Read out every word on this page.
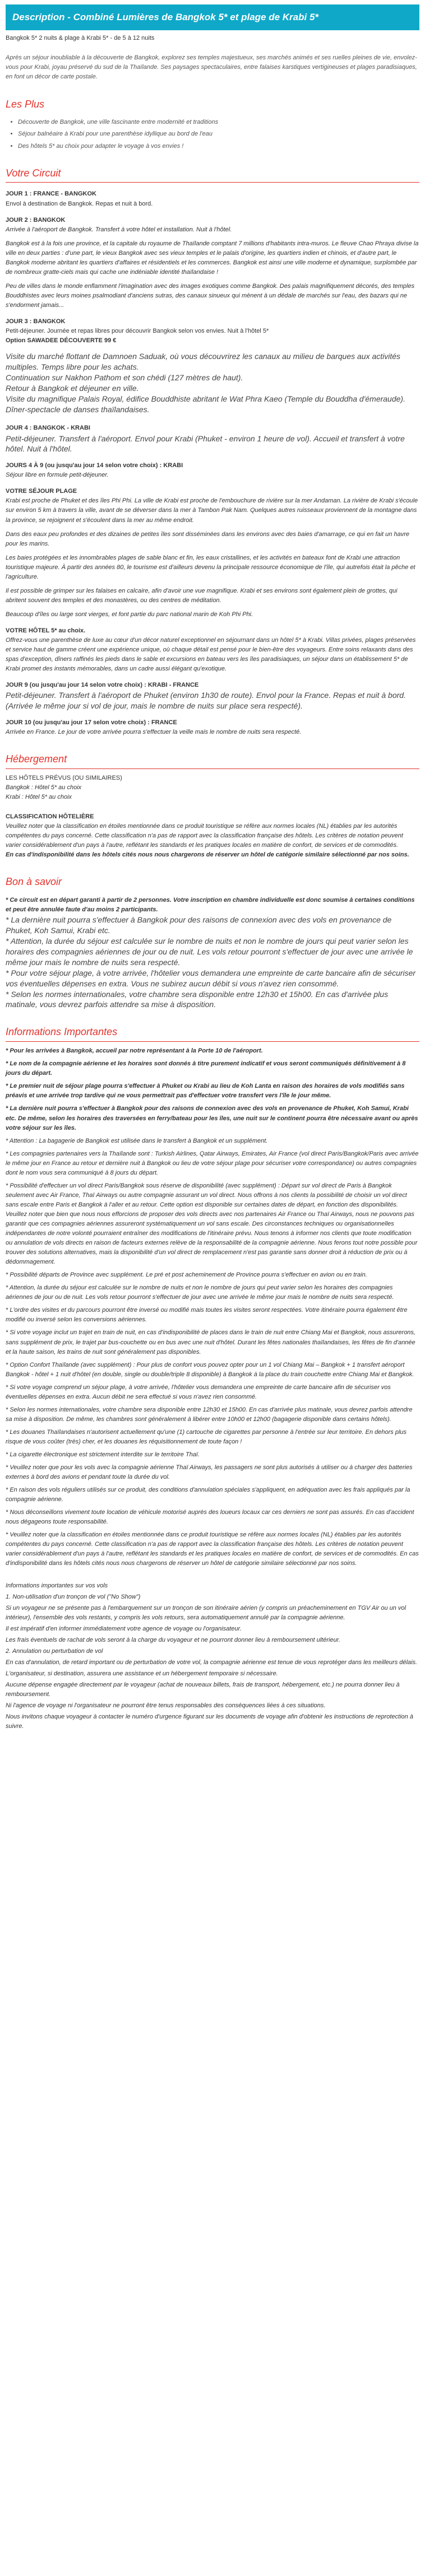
Description - Combiné Lumières de Bangkok 5* et plage de Krabi 5*

Bangkok 5* 2 nuits & plage à Krabi 5* - de 5 à 12 nuits

Après un séjour inoubliable à la découverte de Bangkok, explorez ses temples majestueux, ses marchés animés et ses ruelles pleines de vie, envolez-vous pour Krabi, joyau préservé du sud de la Thaïlande. Ses paysages spectaculaires, entre falaises karstiques vertigineuses et plages paradisiaques, en font un décor de carte postale.

Les Plus
• Découverte de Bangkok, une ville fascinante entre modernité et traditions
• Séjour balnéaire à Krabi pour une parenthèse idyllique au bord de l'eau
• Des hôtels 5* au choix pour adapter le voyage à vos envies !
Votre Circuit

JOUR 1 : FRANCE - BANGKOK

Envol à destination de Bangkok. Repas et nuit à bord.

JOUR 2 : BANGKOK

Arrivée à l'aéroport de Bangkok. Transfert à votre hôtel et installation. Nuit à l'hôtel.

Bangkok est à la fois une province, et la capitale du royaume de Thaïlande comptant 7 millions d'habitants intra-muros. Le fleuve Chao Phraya divise la ville en deux parties : d'une part, le vieux Bangkok avec ses vieux temples et le palais d'origine, les quartiers indien et chinois, et d'autre part, le Bangkok moderne abritant les quartiers d'affaires et résidentiels et les commerces. Bangkok est ainsi une ville moderne et dynamique, surplombée par de nombreux gratte-ciels mais qui cache une indéniable identité thaïlandaise !

Peu de villes dans le monde enflamment l'imagination avec des images exotiques comme Bangkok. Des palais magnifiquement décorés, des temples Bouddhistes avec leurs moines psalmodiant d'anciens sutras, des canaux sinueux qui mènent à un dédale de marchés sur l'eau, des bazars qui ne s'endorment jamais...

JOUR 3 : BANGKOK

Petit-déjeuner. Journée et repas libres pour découvrir Bangkok selon vos envies. Nuit à l'hôtel 5*

Option SAWADEE DÉCOUVERTE 99 €

Visite du marché flottant de Damnoen Saduak, où vous découvrirez les canaux au milieu de barques aux activités multiples. Temps libre pour les achats.
Continuation sur Nakhon Pathom et son chédi (127 mètres de haut).
Retour à Bangkok et déjeuner en ville.
Visite du magnifique Palais Royal, édifice Bouddhiste abritant le Wat Phra Kaeo (Temple du Bouddha d'émeraude).
Dîner-spectacle de danses thaïlandaises.

JOUR 4 : BANGKOK - KRABI

Petit-déjeuner. Transfert à l'aéroport. Envol pour Krabi (Phuket - environ 1 heure de vol). Accueil et transfert à votre hôtel. Nuit à l'hôtel.

JOURS 4 À 9 (ou jusqu'au jour 14 selon votre choix) : KRABI

Séjour libre en formule petit-déjeuner.

VOTRE SÉJOUR PLAGE

Krabi est proche de Phuket et des îles Phi Phi. La ville de Krabi est proche de l'embouchure de rivière sur la mer Andaman. La rivière de Krabi s'écoule sur environ 5 km à travers la ville, avant de se déverser dans la mer à Tambon Pak Nam. Quelques autres ruisseaux proviennent de la montagne dans la province, se rejoignent et s'écoulent dans la mer au même endroit.

Dans des eaux peu profondes et des dizaines de petites îles sont disséminées dans les environs avec des baies d'amarrage, ce qui en fait un havre pour les marins.

Les baies protégées et les innombrables plages de sable blanc et fin, les eaux cristallines, et les activités en bateaux font de Krabi une attraction touristique majeure. À partir des années 80, le tourisme est d'ailleurs devenu la principale ressource économique de l'île, qui autrefois était la pêche et l'agriculture.

Il est possible de grimper sur les falaises en calcaire, afin d'avoir une vue magnifique. Krabi et ses environs sont également plein de grottes, qui abritent souvent des temples et des monastères, ou des centres de méditation.

Beaucoup d'îles ou large sont vierges, et font partie du parc national marin de Koh Phi Phi.

VOTRE HÔTEL 5* au choix.

Offrez-vous une parenthèse de luxe au cœur d'un décor naturel exceptionnel en séjournant dans un hôtel 5* à Krabi. Villas privées, plages préservées et service haut de gamme créent une expérience unique, où chaque détail est pensé pour le bien-être des voyageurs. Entre soins relaxants dans des spas d'exception, dîners raffinés les pieds dans le sable et excursions en bateau vers les îles paradisiaques, un séjour dans un établissement 5* de Krabi promet des instants mémorables, dans un cadre aussi élégant qu'exotique.

JOUR 9 (ou jusqu'au jour 14 selon votre choix) : KRABI - FRANCE

Petit-déjeuner. Transfert à l'aéroport de Phuket (environ 1h30 de route). Envol pour la France. Repas et nuit à bord. (Arrivée le même jour si vol de jour, mais le nombre de nuits sur place sera respecté).

JOUR 10 (ou jusqu'au jour 17 selon votre choix) : FRANCE

Arrivée en France. Le jour de votre arrivée pourra s'effectuer la veille mais le nombre de nuits sera respecté.

Hébergement

LES HÔTELS PRÉVUS (OU SIMILAIRES)

Bangkok : Hôtel 5* au choix

Krabi : Hôtel 5* au choix

CLASSIFICATION HÔTELIÈRE

Veuillez noter que la classification en étoiles mentionnée dans ce produit touristique se réfère aux normes locales (NL) établies par les autorités compétentes du pays concerné. Cette classification n'a pas de rapport avec la classification française des hôtels. Les critères de notation peuvent varier considérablement d'un pays à l'autre, reflétant les standards et les pratiques locales en matière de confort, de services et de commodités.

En cas d'indisponibilité dans les hôtels cités nous nous chargerons de réserver un hôtel de catégorie similaire sélectionné par nos soins.

Bon à savoir

* Ce circuit est en départ garanti à partir de 2 personnes. Votre inscription en chambre individuelle est donc soumise à certaines conditions et peut être annulée faute d'au moins 2 participants.

* La dernière nuit pourra s'effectuer à Bangkok pour des raisons de connexion avec des vols en provenance de Phuket, Koh Samui, Krabi etc.
* Attention, la durée du séjour est calculée sur le nombre de nuits et non le nombre de jours qui peut varier selon les horaires des compagnies aériennes de jour ou de nuit. Les vols retour pourront s'effectuer de jour avec une arrivée le même jour mais le nombre de nuits sera respecté.
* Pour votre séjour plage, à votre arrivée, l'hôtelier vous demandera une empreinte de carte bancaire afin de sécuriser vos éventuelles dépenses en extra. Vous ne subirez aucun débit si vous n'avez rien consommé.
* Selon les normes internationales, votre chambre sera disponible entre 12h30 et 15h00. En cas d'arrivée plus matinale, vous devrez parfois attendre sa mise à disposition.
Informations Importantes

* Pour les arrivées à Bangkok, accueil par notre représentant à la Porte 10 de l'aéroport.

* Le nom de la compagnie aérienne et les horaires sont donnés à titre purement indicatif et vous seront communiqués définitivement à 8 jours du départ.

* Le premier nuit de séjour plage pourra s'effectuer à Phuket ou Krabi au lieu de Koh Lanta en raison des horaires de vols modifiés sans préavis et une arrivée trop tardive qui ne vous permettrait pas d'effectuer votre transfert vers l'île le jour même.

* La dernière nuit pourra s'effectuer à Bangkok pour des raisons de connexion avec des vols en provenance de Phuket, Koh Samui, Krabi etc. De même, selon les horaires des traversées en ferry/bateau pour les îles, une nuit sur le continent pourra être nécessaire avant ou après votre séjour sur les îles.

* Attention : La bagagerie de Bangkok est utilisée dans le transfert à Bangkok et un supplément.

* Les compagnies partenaires vers la Thaïlande sont : Turkish Airlines, Qatar Airways, Emirates, Air France (vol direct Paris/Bangkok/Paris avec arrivée le même jour en France au retour et dernière nuit à Bangkok ou lieu de votre séjour plage pour sécuriser votre correspondance) ou autres compagnies dont le nom vous sera communiqué à 8 jours du départ.

* Possibilité d'effectuer un vol direct Paris/Bangkok sous réserve de disponibilité (avec supplément) : Départ sur vol direct de Paris à Bangkok seulement avec Air France, Thaï Airways ou autre compagnie assurant un vol direct. Nous offrons à nos clients la possibilité de choisir un vol direct sans escale entre Paris et Bangkok à l'aller et au retour. Cette option est disponible sur certaines dates de départ, en fonction des disponibilités. Veuillez noter que bien que nous nous efforcions de proposer des vols directs avec nos partenaires Air France ou Thaï Airways, nous ne pouvons pas garantir que ces compagnies aériennes assureront systématiquement un vol sans escale. Des circonstances techniques ou organisationnelles indépendantes de notre volonté pourraient entraîner des modifications de l'itinéraire prévu. Nous tenons à informer nos clients que toute modification ou annulation de vols directs en raison de facteurs externes relève de la responsabilité de la compagnie aérienne. Nous ferons tout notre possible pour trouver des solutions alternatives, mais la disponibilité d'un vol direct de remplacement n'est pas garantie sans donner droit à réduction de prix ou à dédommagement.

* Possibilité départs de Province avec supplément. Le pré et post acheminement de Province pourra s'effectuer en avion ou en train.

* Attention, la durée du séjour est calculée sur le nombre de nuits et non le nombre de jours qui peut varier selon les horaires des compagnies aériennes de jour ou de nuit. Les vols retour pourront s'effectuer de jour avec une arrivée le même jour mais le nombre de nuits sera respecté.

* L'ordre des visites et du parcours pourront être inversé ou modifié mais toutes les visites seront respectées. Votre itinéraire pourra également être modifié ou inversé selon les conversions aériennes.

* Si votre voyage inclut un trajet en train de nuit, en cas d'indisponibilité de places dans le train de nuit entre Chiang Mai et Bangkok, nous assurerons, sans supplément de prix, le trajet par bus-couchette ou en bus avec une nuit d'hôtel. Durant les fêtes nationales thaïlandaises, les fêtes de fin d'année et la haute saison, les trains de nuit sont généralement pas disponibles.

* Option Confort Thaïlande (avec supplément) : Pour plus de confort vous pouvez opter pour un 1 vol Chiang Mai – Bangkok + 1 transfert aéroport Bangkok - hôtel + 1 nuit d'hôtel (en double, single ou double/triple 8 disponible) à Bangkok à la place du train couchette entre Chiang Mai et Bangkok.

* Si votre voyage comprend un séjour plage, à votre arrivée, l'hôtelier vous demandera une empreinte de carte bancaire afin de sécuriser vos éventuelles dépenses en extra. Aucun débit ne sera effectué si vous n'avez rien consommé.

* Selon les normes internationales, votre chambre sera disponible entre 12h30 et 15h00. En cas d'arrivée plus matinale, vous devrez parfois attendre sa mise à disposition. De même, les chambres sont généralement à libérer entre 10h00 et 12h00 (bagagerie disponible dans certains hôtels).

* Les douanes Thaïlandaises n'autorisent actuellement qu'une (1) cartouche de cigarettes par personne à l'entrée sur leur territoire. En dehors plus risque de vous coûter (très) cher, et les douanes les réquisitionnement de toute façon !

* La cigarette électronique est strictement interdite sur le territoire Thaï.

* Veuillez noter que pour les vols avec la compagnie aérienne Thaï Airways, les passagers ne sont plus autorisés à utiliser ou à charger des batteries externes à bord des avions et pendant toute la durée du vol.

* En raison des vols réguliers utilisés sur ce produit, des conditions d'annulation spéciales s'appliquent, en adéquation avec les frais appliqués par la compagnie aérienne.

* Nous déconseillons vivement toute location de véhicule motorisé auprès des loueurs locaux car ces derniers ne sont pas assurés. En cas d'accident nous dégageons toute responsabilité.

* Veuillez noter que la classification en étoiles mentionnée dans ce produit touristique se réfère aux normes locales (NL) établies par les autorités compétentes du pays concerné. Cette classification n'a pas de rapport avec la classification française des hôtels. Les critères de notation peuvent varier considérablement d'un pays à l'autre, reflétant les standards et les pratiques locales en matière de confort, de services et de commodités. En cas d'indisponibilité dans les hôtels cités nous nous chargerons de réserver un hôtel de catégorie similaire sélectionné par nos soins.

Informations importantes sur vos vols

1. Non-utilisation d'un tronçon de vol ("No Show")

Si un voyageur ne se présente pas à l'embarquement sur un tronçon de son itinéraire aérien (y compris un préacheminement en TGV Air ou un vol intérieur), l'ensemble des vols restants, y compris les vols retours, sera automatiquement annulé par la compagnie aérienne.

Il est impératif d'en informer immédiatement votre agence de voyage ou l'organisateur.

Les frais éventuels de rachat de vols seront à la charge du voyageur et ne pourront donner lieu à remboursement ultérieur.

2. Annulation ou perturbation de vol

En cas d'annulation, de retard important ou de perturbation de votre vol, la compagnie aérienne est tenue de vous reprotéger dans les meilleurs délais.

L'organisateur, si destination, assurera une assistance et un hébergement temporaire si nécessaire.

Aucune dépense engagée directement par le voyageur (achat de nouveaux billets, frais de transport, hébergement, etc.) ne pourra donner lieu à remboursement.

Ni l'agence de voyage ni l'organisateur ne pourront être tenus responsables des conséquences liées à ces situations.

Nous invitons chaque voyageur à contacter le numéro d'urgence figurant sur les documents de voyage afin d'obtenir les instructions de reprotection à suivre.
